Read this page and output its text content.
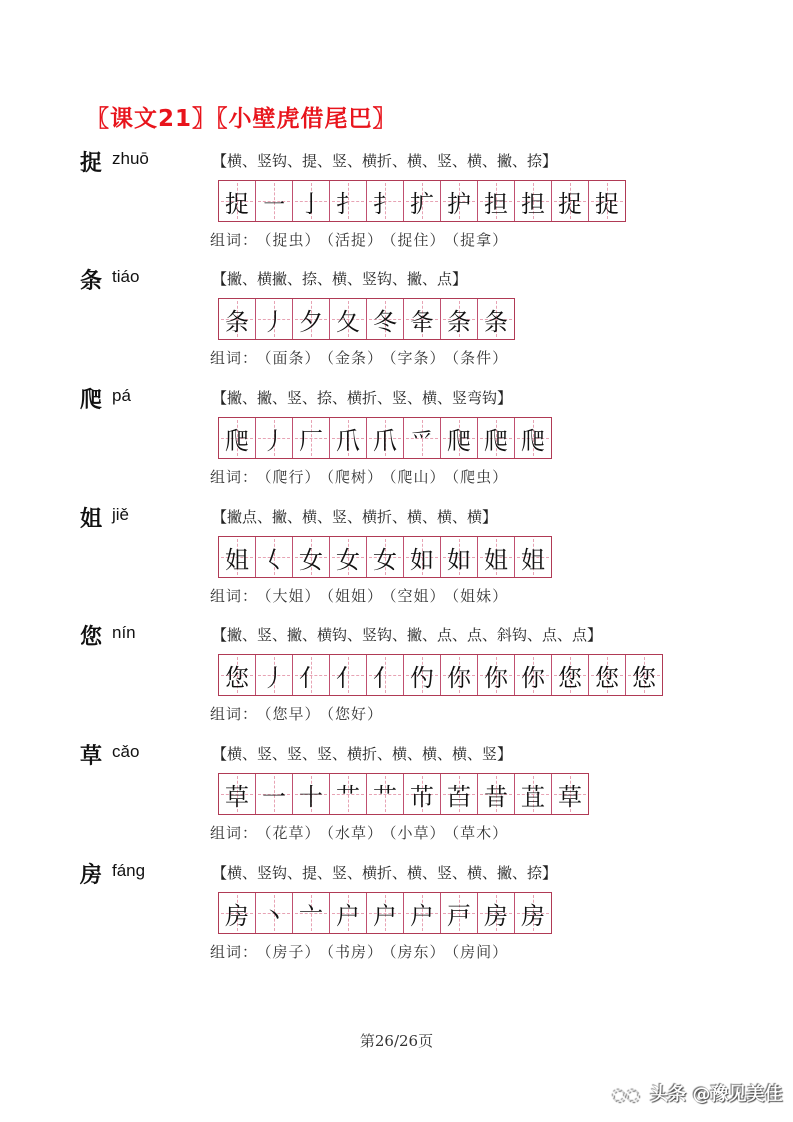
〖课文21〗〖小壁虎借尾巴〗
捉 zhuō	【横、竖钩、提、竖、横折、横、竖、横、撇、捺】
捉 ㇐ 亅 扌 扌 扩 护 担 担 捉 捉
组词： （捉虫） （活捉） （捉住） （捉拿）
条 tiáo	【撇、横撇、捺、横、竖钩、撇、点】
条 丿 夕 夂 冬 夅 条 条
组词： （面条） （金条） （字条） （条件）
爬 pá	【撇、撇、竖、捺、横折、竖、横、竖弯钩】
爬 丿 厂 爪 爪 爫 爬 爬 爬
组词： （爬行） （爬树） （爬山） （爬虫）
姐 jiě	【撇点、撇、横、竖、横折、横、横、横】
姐 𡿨 女 女 女 如 如 姐 姐
组词： （大姐） （姐姐） （空姐） （姐妹）
您 nín	【撇、竖、撇、横钩、竖钩、撇、点、点、斜钩、点、点】
您 丿 亻 亻 亻 仢 你 你 你 您 您 您
组词： （您早） （您好）
草 cǎo	【横、竖、竖、竖、横折、横、横、横、竖】
草 一 十 艹 艹 芇 苩 昔 苴 草
组词： （花草） （水草） （小草） （草木）
房 fáng	【横、竖钩、提、竖、横折、横、竖、横、撇、捺】
房 丶 亠 户 户 户 戸 房 房
组词： （房子） （书房） （房东） （房间）
第26/26页
◌◌ 头条 @豫见美佳
